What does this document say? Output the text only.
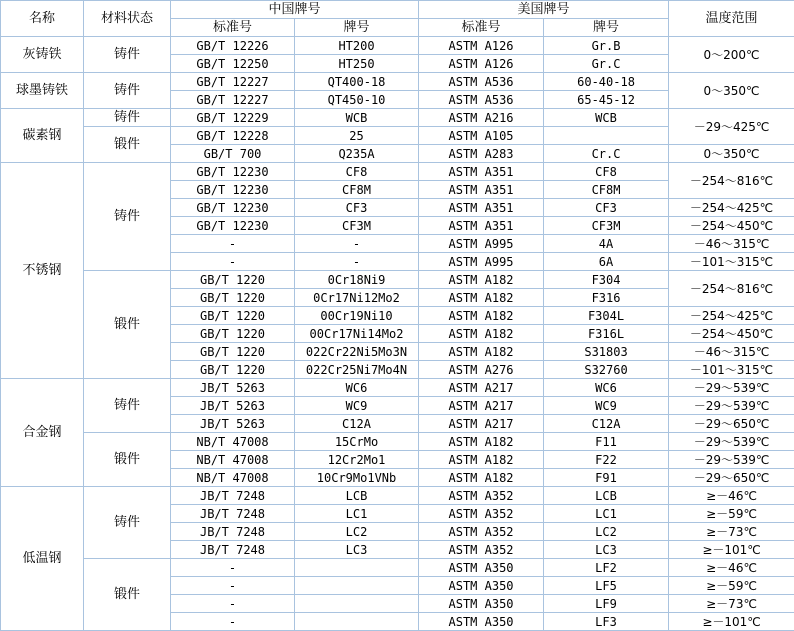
名称	材料状态	中国牌号		美国牌号		温度范围
		标准号	牌号	标准号	牌号	
灰铸铁	铸件	GB/T 12226	HT200	ASTM A126	Gr.B	0～200℃
		GB/T 12250	HT250	ASTM A126	Gr.C	
球墨铸铁	铸件	GB/T 12227	QT400-18	ASTM A536	60-40-18	0～350℃
		GB/T 12227	QT450-10	ASTM A536	65-45-12	
碳素钢	铸件	GB/T 12229	WCB	ASTM A216	WCB	－29～425℃
	锻件	GB/T 12228	25	ASTM A105		
		GB/T 700	Q235A	ASTM A283	Cr.C	0～350℃
不锈钢	铸件	GB/T 12230	CF8	ASTM A351	CF8	－254～816℃
		GB/T 12230	CF8M	ASTM A351	CF8M	
		GB/T 12230	CF3	ASTM A351	CF3	－254～425℃
		GB/T 12230	CF3M	ASTM A351	CF3M	－254～450℃
		-	-	ASTM A995	4A	－46～315℃
		-	-	ASTM A995	6A	－101～315℃
	锻件	GB/T 1220	0Cr18Ni9	ASTM A182	F304	－254～816℃
		GB/T 1220	0Cr17Ni12Mo2	ASTM A182	F316	
		GB/T 1220	00Cr19Ni10	ASTM A182	F304L	－254～425℃
		GB/T 1220	00Cr17Ni14Mo2	ASTM A182	F316L	－254～450℃
		GB/T 1220	022Cr22Ni5Mo3N	ASTM A182	S31803	－46～315℃
		GB/T 1220	022Cr25Ni7Mo4N	ASTM A276	S32760	－101～315℃
合金钢	铸件	JB/T 5263	WC6	ASTM A217	WC6	－29～539℃
		JB/T 5263	WC9	ASTM A217	WC9	－29～539℃
		JB/T 5263	C12A	ASTM A217	C12A	－29～650℃
	锻件	NB/T 47008	15CrMo	ASTM A182	F11	－29～539℃
		NB/T 47008	12Cr2Mo1	ASTM A182	F22	－29～539℃
		NB/T 47008	10Cr9Mo1VNb	ASTM A182	F91	－29～650℃
低温钢	铸件	JB/T 7248	LCB	ASTM A352	LCB	≥－46℃
		JB/T 7248	LC1	ASTM A352	LC1	≥－59℃
		JB/T 7248	LC2	ASTM A352	LC2	≥－73℃
		JB/T 7248	LC3	ASTM A352	LC3	≥－101℃
	锻件	-		ASTM A350	LF2	≥－46℃
		-		ASTM A350	LF5	≥－59℃
		-		ASTM A350	LF9	≥－73℃
		-		ASTM A350	LF3	≥－101℃
